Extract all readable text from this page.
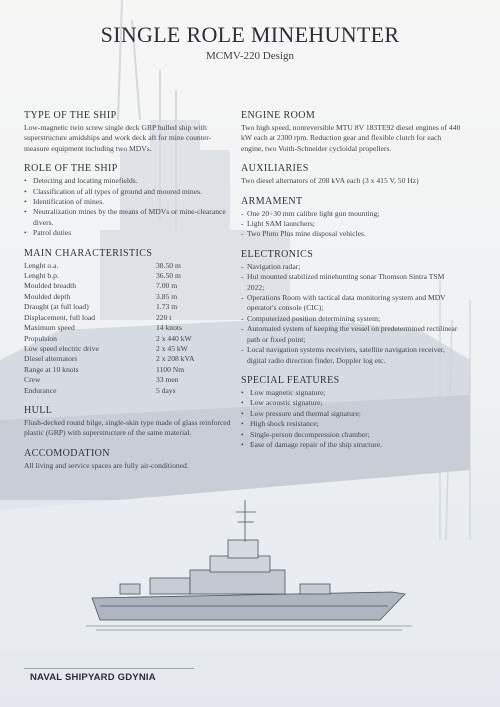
SINGLE ROLE MINEHUNTER
MCMV-220 Design
TYPE OF THE SHIP

Low-magnetic twin screw single deck GRP hulled ship with superstructure amidships and work deck aft for mine counter-measure equipment including two MDVs.

ROLE OF THE SHIP
• Detecting and locating minefields.
• Classification of all types of ground and moored mines.
• Identification of mines.
• Neutralization mines by the means of MDVs or mine-clearance divers.
• Patrol duties
MAIN CHARACTERISTICS
Lenght o.a.	38.50 m
Lenght b.p.	36.50 m
Moulded breadth	7.00 m
Moulded depth	3.85 m
Draught (at full load)	1.73 m
Displacement, full load	220 t
Maximum speed	14 knots
Propulsion	2 x 440 kW
Low speed electric drive	2 x 45 kW
Diesel alternators	2 x 208 kVA
Range at 10 knots	1100 Nm
Crew	33 men
Endurance	5 days
HULL

Flush-decked round bilge, single-skin type made of glass reinforced plastic (GRP) with superstructure of the same material.

ACCOMODATION

All living and service spaces are fully air-conditioned.

ENGINE ROOM

Two high speed, nonreversible MTU 8V 183TE92 diesel engines of 440 kW each at 2300 rpm. Reduction gear and flexible clutch for each engine, two Voith-Schneider cycloidal propellers.

AUXILIARIES

Two diesel alternators of 208 kVA each (3 x 415 V, 50 Hz)

ARMAMENT
- One 20÷30 mm calibre light gun mounting;
- Light SAM launchers;
- Two Pluto Plus mine disposal vehicles.
ELECTRONICS
- Navigation radar;
- Hul mounted stabilized minehunting sonar Thomson Sintra TSM 2022;
- Operations Room with tactical data monitoring system and MDV operator's console (CIC);
- Computerized position determining system;
- Automated system of keeping the vessel on predetermined rectilinear path or fixed point;
- Local navigation systems receiviers, satellite navigation receiver, digital radio direction finder, Doppler log etc.
SPECIAL FEATURES
• Low magnetic signature;
• Low acoustic signature;
• Low pressure and thermal signature;
• High shock resistance;
• Single-person decompression chamber;
• Ease of damage repair of the ship structure.
NAVAL SHIPYARD GDYNIA
